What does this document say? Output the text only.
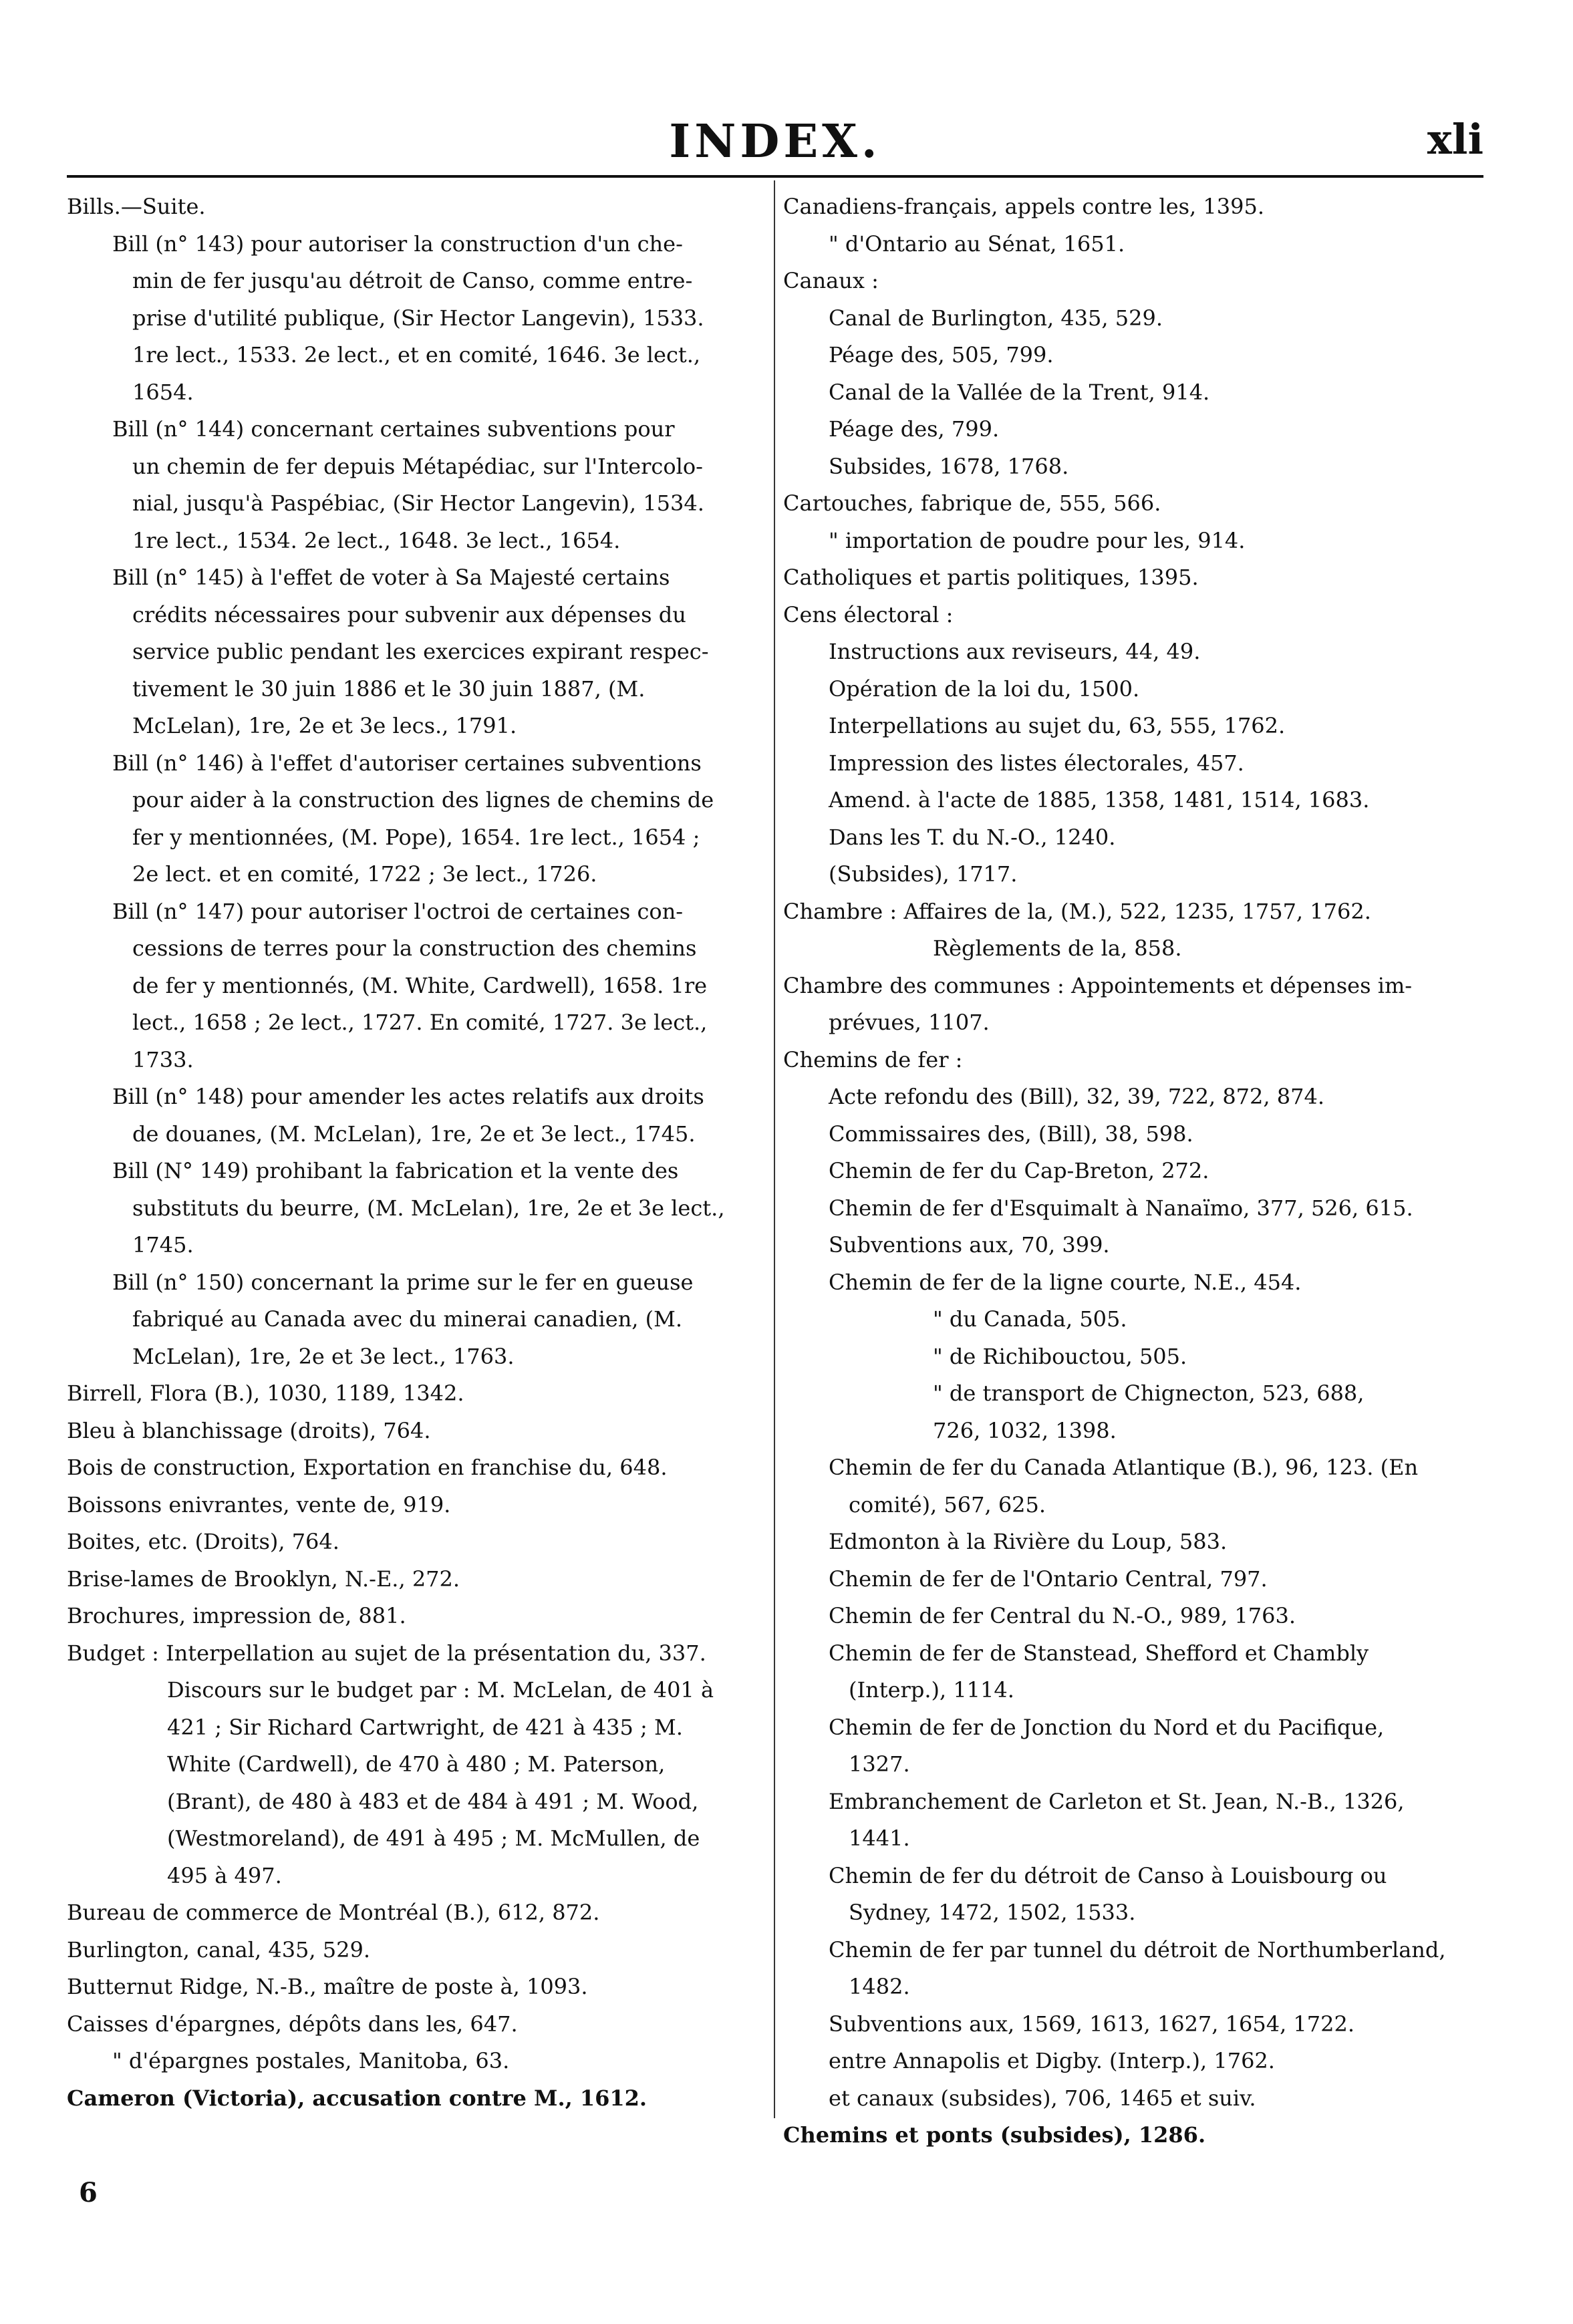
INDEX.	xli
Bills.—Suite.
Bill (n° 143) pour autoriser la construction d'un che-
min de fer jusqu'au détroit de Canso, comme entre-
prise d'utilité publique, (Sir Hector Langevin), 1533.
1re lect., 1533. 2e lect., et en comité, 1646. 3e lect.,
1654.
Bill (n° 144) concernant certaines subventions pour
un chemin de fer depuis Métapédiac, sur l'Intercolo-
nial, jusqu'à Paspébiac, (Sir Hector Langevin), 1534.
1re lect., 1534. 2e lect., 1648. 3e lect., 1654.
Bill (n° 145) à l'effet de voter à Sa Majesté certains
crédits nécessaires pour subvenir aux dépenses du
service public pendant les exercices expirant respec-
tivement le 30 juin 1886 et le 30 juin 1887, (M.
McLelan), 1re, 2e et 3e lecs., 1791.
Bill (n° 146) à l'effet d'autoriser certaines subventions
pour aider à la construction des lignes de chemins de
fer y mentionnées, (M. Pope), 1654. 1re lect., 1654 ;
2e lect. et en comité, 1722 ; 3e lect., 1726.
Bill (n° 147) pour autoriser l'octroi de certaines con-
cessions de terres pour la construction des chemins
de fer y mentionnés, (M. White, Cardwell), 1658. 1re
lect., 1658 ; 2e lect., 1727. En comité, 1727. 3e lect.,
1733.
Bill (n° 148) pour amender les actes relatifs aux droits
de douanes, (M. McLelan), 1re, 2e et 3e lect., 1745.
Bill (N° 149) prohibant la fabrication et la vente des
substituts du beurre, (M. McLelan), 1re, 2e et 3e lect.,
1745.
Bill (n° 150) concernant la prime sur le fer en gueuse
fabriqué au Canada avec du minerai canadien, (M.
McLelan), 1re, 2e et 3e lect., 1763.
Birrell, Flora (B.), 1030, 1189, 1342.
Bleu à blanchissage (droits), 764.
Bois de construction, Exportation en franchise du, 648.
Boissons enivrantes, vente de, 919.
Boites, etc. (Droits), 764.
Brise-lames de Brooklyn, N.-E., 272.
Brochures, impression de, 881.
Budget : Interpellation au sujet de la présentation du, 337.
Discours sur le budget par : M. McLelan, de 401 à
421 ; Sir Richard Cartwright, de 421 à 435 ; M.
White (Cardwell), de 470 à 480 ; M. Paterson,
(Brant), de 480 à 483 et de 484 à 491 ; M. Wood,
(Westmoreland), de 491 à 495 ; M. McMullen, de
495 à 497.
Bureau de commerce de Montréal (B.), 612, 872.
Burlington, canal, 435, 529.
Butternut Ridge, N.-B., maître de poste à, 1093.
Caisses d'épargnes, dépôts dans les, 647.
" d'épargnes postales, Manitoba, 63.
Cameron (Victoria), accusation contre M., 1612.
Canadiens-français, appels contre les, 1395.
" d'Ontario au Sénat, 1651.
Canaux :
Canal de Burlington, 435, 529.
Péage des, 505, 799.
Canal de la Vallée de la Trent, 914.
Péage des, 799.
Subsides, 1678, 1768.
Cartouches, fabrique de, 555, 566.
" importation de poudre pour les, 914.
Catholiques et partis politiques, 1395.
Cens électoral :
Instructions aux reviseurs, 44, 49.
Opération de la loi du, 1500.
Interpellations au sujet du, 63, 555, 1762.
Impression des listes électorales, 457.
Amend. à l'acte de 1885, 1358, 1481, 1514, 1683.
Dans les T. du N.-O., 1240.
(Subsides), 1717.
Chambre : Affaires de la, (M.), 522, 1235, 1757, 1762.
Règlements de la, 858.
Chambre des communes : Appointements et dépenses im-
prévues, 1107.
Chemins de fer :
Acte refondu des (Bill), 32, 39, 722, 872, 874.
Commissaires des, (Bill), 38, 598.
Chemin de fer du Cap-Breton, 272.
Chemin de fer d'Esquimalt à Nanaïmo, 377, 526, 615.
Subventions aux, 70, 399.
Chemin de fer de la ligne courte, N.E., 454.
" du Canada, 505.
" de Richibouctou, 505.
" de transport de Chignecton, 523, 688,
726, 1032, 1398.
Chemin de fer du Canada Atlantique (B.), 96, 123. (En
comité), 567, 625.
Edmonton à la Rivière du Loup, 583.
Chemin de fer de l'Ontario Central, 797.
Chemin de fer Central du N.-O., 989, 1763.
Chemin de fer de Stanstead, Shefford et Chambly
(Interp.), 1114.
Chemin de fer de Jonction du Nord et du Pacifique,
1327.
Embranchement de Carleton et St. Jean, N.-B., 1326,
1441.
Chemin de fer du détroit de Canso à Louisbourg ou
Sydney, 1472, 1502, 1533.
Chemin de fer par tunnel du détroit de Northumberland,
1482.
Subventions aux, 1569, 1613, 1627, 1654, 1722.
entre Annapolis et Digby. (Interp.), 1762.
et canaux (subsides), 706, 1465 et suiv.
Chemins et ponts (subsides), 1286.
6
